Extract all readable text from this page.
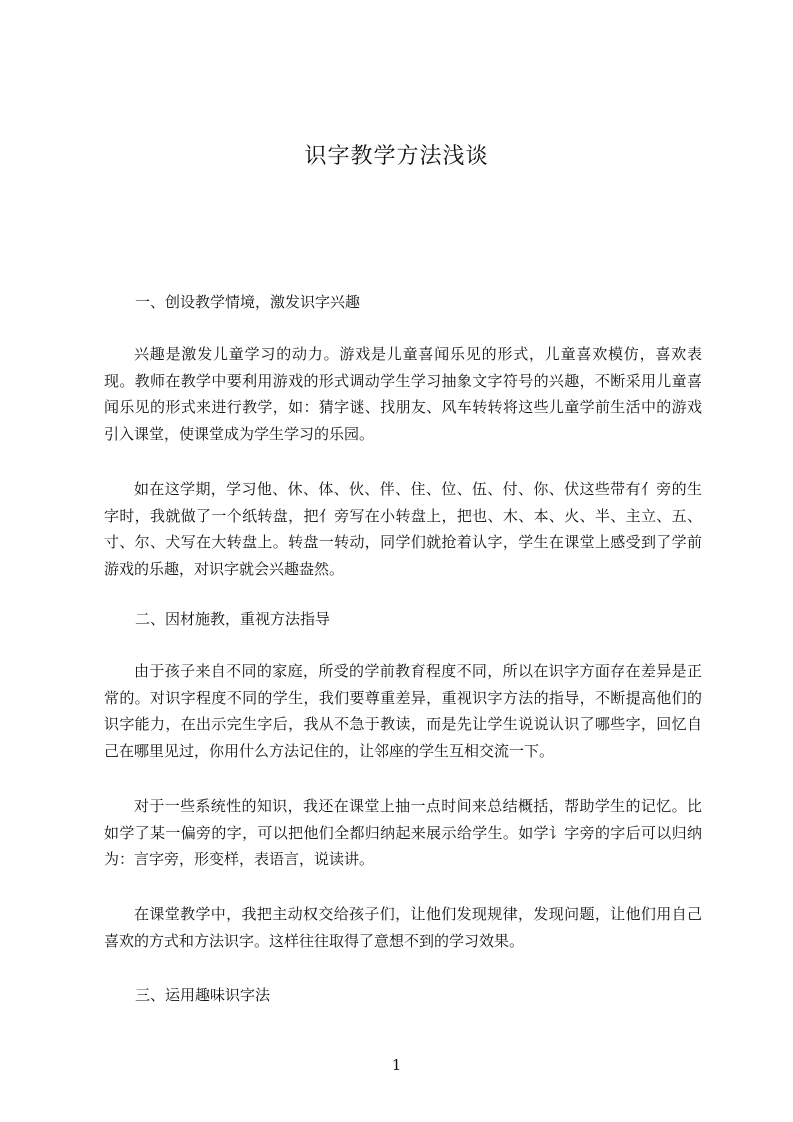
识字教学方法浅谈

一、创设教学情境，激发识字兴趣

兴趣是激发儿童学习的动力。游戏是儿童喜闻乐见的形式，儿童喜欢模仿，喜欢表现。教师在教学中要利用游戏的形式调动学生学习抽象文字符号的兴趣，不断采用儿童喜闻乐见的形式来进行教学，如：猜字谜、找朋友、风车转转将这些儿童学前生活中的游戏引入课堂，使课堂成为学生学习的乐园。

如在这学期，学习他、休、体、伙、伴、住、位、伍、付、你、伏这些带有亻旁的生字时，我就做了一个纸转盘，把亻旁写在小转盘上，把也、木、本、火、半、主立、五、寸、尔、犬写在大转盘上。转盘一转动，同学们就抢着认字，学生在课堂上感受到了学前游戏的乐趣，对识字就会兴趣盎然。

二、因材施教，重视方法指导

由于孩子来自不同的家庭，所受的学前教育程度不同，所以在识字方面存在差异是正常的。对识字程度不同的学生，我们要尊重差异，重视识字方法的指导，不断提高他们的识字能力，在出示完生字后，我从不急于教读，而是先让学生说说认识了哪些字，回忆自己在哪里见过，你用什么方法记住的，让邻座的学生互相交流一下。

对于一些系统性的知识，我还在课堂上抽一点时间来总结概括，帮助学生的记忆。比如学了某一偏旁的字，可以把他们全都归纳起来展示给学生。如学讠字旁的字后可以归纳为：言字旁，形变样，表语言，说读讲。

在课堂教学中，我把主动权交给孩子们，让他们发现规律，发现问题，让他们用自己喜欢的方式和方法识字。这样往往取得了意想不到的学习效果。

三、运用趣味识字法

1
